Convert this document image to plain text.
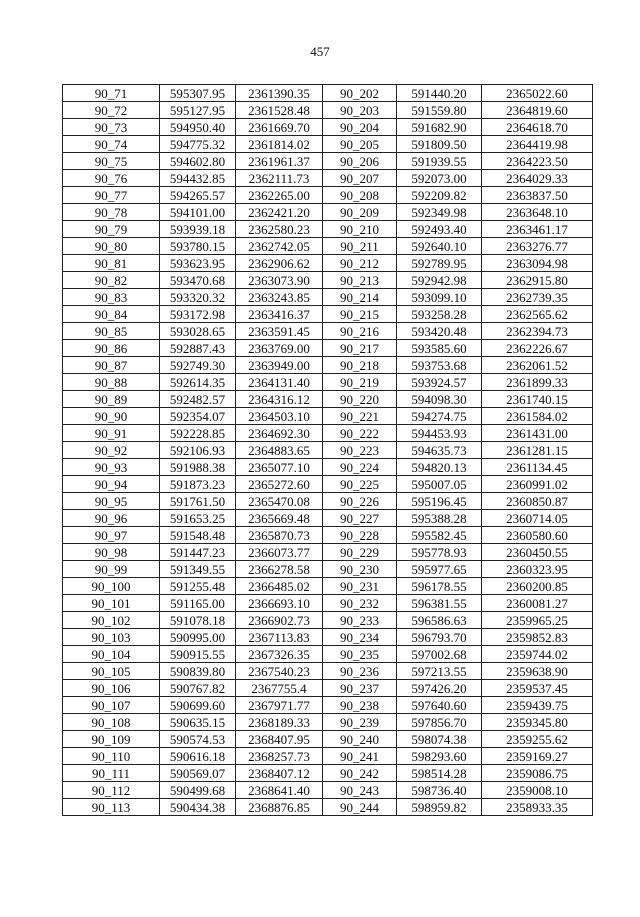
457
90_71	595307.95	2361390.35	90_202	591440.20	2365022.60
90_72	595127.95	2361528.48	90_203	591559.80	2364819.60
90_73	594950.40	2361669.70	90_204	591682.90	2364618.70
90_74	594775.32	2361814.02	90_205	591809.50	2364419.98
90_75	594602.80	2361961.37	90_206	591939.55	2364223.50
90_76	594432.85	2362111.73	90_207	592073.00	2364029.33
90_77	594265.57	2362265.00	90_208	592209.82	2363837.50
90_78	594101.00	2362421.20	90_209	592349.98	2363648.10
90_79	593939.18	2362580.23	90_210	592493.40	2363461.17
90_80	593780.15	2362742.05	90_211	592640.10	2363276.77
90_81	593623.95	2362906.62	90_212	592789.95	2363094.98
90_82	593470.68	2363073.90	90_213	592942.98	2362915.80
90_83	593320.32	2363243.85	90_214	593099.10	2362739.35
90_84	593172.98	2363416.37	90_215	593258.28	2362565.62
90_85	593028.65	2363591.45	90_216	593420.48	2362394.73
90_86	592887.43	2363769.00	90_217	593585.60	2362226.67
90_87	592749.30	2363949.00	90_218	593753.68	2362061.52
90_88	592614.35	2364131.40	90_219	593924.57	2361899.33
90_89	592482.57	2364316.12	90_220	594098.30	2361740.15
90_90	592354.07	2364503.10	90_221	594274.75	2361584.02
90_91	592228.85	2364692.30	90_222	594453.93	2361431.00
90_92	592106.93	2364883.65	90_223	594635.73	2361281.15
90_93	591988.38	2365077.10	90_224	594820.13	2361134.45
90_94	591873.23	2365272.60	90_225	595007.05	2360991.02
90_95	591761.50	2365470.08	90_226	595196.45	2360850.87
90_96	591653.25	2365669.48	90_227	595388.28	2360714.05
90_97	591548.48	2365870.73	90_228	595582.45	2360580.60
90_98	591447.23	2366073.77	90_229	595778.93	2360450.55
90_99	591349.55	2366278.58	90_230	595977.65	2360323.95
90_100	591255.48	2366485.02	90_231	596178.55	2360200.85
90_101	591165.00	2366693.10	90_232	596381.55	2360081.27
90_102	591078.18	2366902.73	90_233	596586.63	2359965.25
90_103	590995.00	2367113.83	90_234	596793.70	2359852.83
90_104	590915.55	2367326.35	90_235	597002.68	2359744.02
90_105	590839.80	2367540.23	90_236	597213.55	2359638.90
90_106	590767.82	2367755.4	90_237	597426.20	2359537.45
90_107	590699.60	2367971.77	90_238	597640.60	2359439.75
90_108	590635.15	2368189.33	90_239	597856.70	2359345.80
90_109	590574.53	2368407.95	90_240	598074.38	2359255.62
90_110	590616.18	2368257.73	90_241	598293.60	2359169.27
90_111	590569.07	2368407.12	90_242	598514.28	2359086.75
90_112	590499.68	2368641.40	90_243	598736.40	2359008.10
90_113	590434.38	2368876.85	90_244	598959.82	2358933.35
